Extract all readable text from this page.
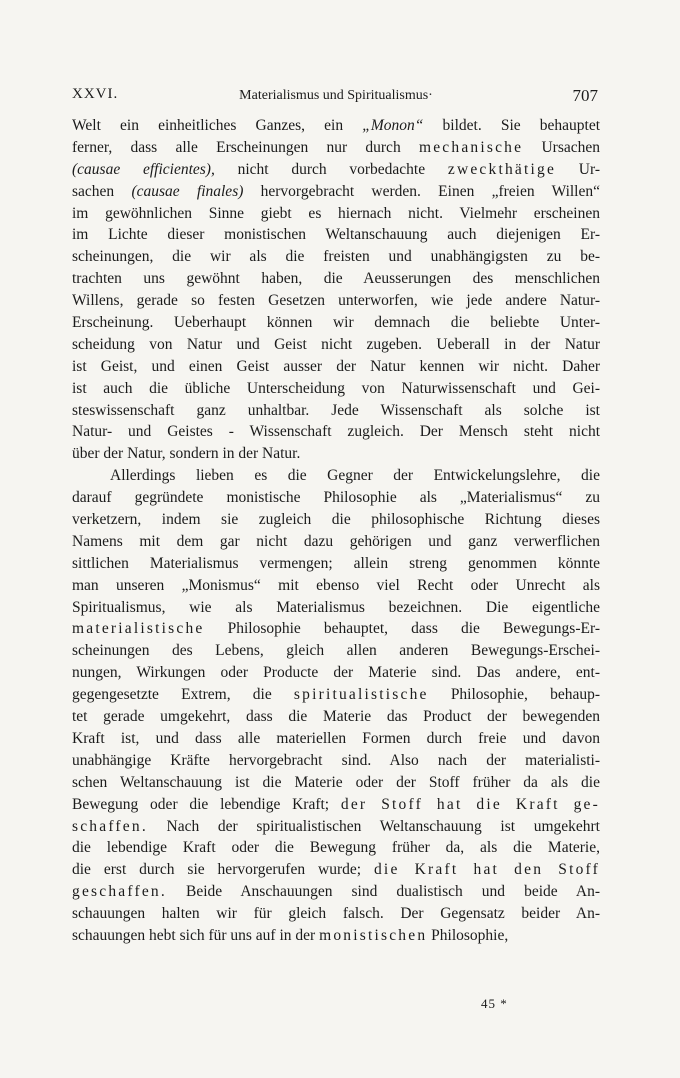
XXVI.	Materialismus und Spiritualismus·	707
Welt ein einheitliches Ganzes, ein „Monon“ bildet. Sie behauptet
ferner, dass alle Erscheinungen nur durch mechanische Ursachen
(causae efficientes), nicht durch vorbedachte zweckthätige Ur-
sachen (causae finales) hervorgebracht werden. Einen „freien Willen“
im gewöhnlichen Sinne giebt es hiernach nicht. Vielmehr erscheinen
im Lichte dieser monistischen Weltanschauung auch diejenigen Er-
scheinungen, die wir als die freisten und unabhängigsten zu be-
trachten uns gewöhnt haben, die Aeusserungen des menschlichen
Willens, gerade so festen Gesetzen unterworfen, wie jede andere Natur-
Erscheinung. Ueberhaupt können wir demnach die beliebte Unter-
scheidung von Natur und Geist nicht zugeben. Ueberall in der Natur
ist Geist, und einen Geist ausser der Natur kennen wir nicht. Daher
ist auch die übliche Unterscheidung von Naturwissenschaft und Gei-
steswissenschaft ganz unhaltbar. Jede Wissenschaft als solche ist
Natur- und Geistes - Wissenschaft zugleich. Der Mensch steht nicht
über der Natur, sondern in der Natur.
Allerdings lieben es die Gegner der Entwickelungslehre, die
darauf gegründete monistische Philosophie als „Materialismus“ zu
verketzern, indem sie zugleich die philosophische Richtung dieses
Namens mit dem gar nicht dazu gehörigen und ganz verwerflichen
sittlichen Materialismus vermengen; allein streng genommen könnte
man unseren „Monismus“ mit ebenso viel Recht oder Unrecht als
Spiritualismus, wie als Materialismus bezeichnen. Die eigentliche
materialistische Philosophie behauptet, dass die Bewegungs-Er-
scheinungen des Lebens, gleich allen anderen Bewegungs-Erschei-
nungen, Wirkungen oder Producte der Materie sind. Das andere, ent-
gegengesetzte Extrem, die spiritualistische Philosophie, behaup-
tet gerade umgekehrt, dass die Materie das Product der bewegenden
Kraft ist, und dass alle materiellen Formen durch freie und davon
unabhängige Kräfte hervorgebracht sind. Also nach der materialisti-
schen Weltanschauung ist die Materie oder der Stoff früher da als die
Bewegung oder die lebendige Kraft; der Stoff hat die Kraft ge-
schaffen. Nach der spiritualistischen Weltanschauung ist umgekehrt
die lebendige Kraft oder die Bewegung früher da, als die Materie,
die erst durch sie hervorgerufen wurde; die Kraft hat den Stoff
geschaffen. Beide Anschauungen sind dualistisch und beide An-
schauungen halten wir für gleich falsch. Der Gegensatz beider An-
schauungen hebt sich für uns auf in der monistischen Philosophie,
45 *
